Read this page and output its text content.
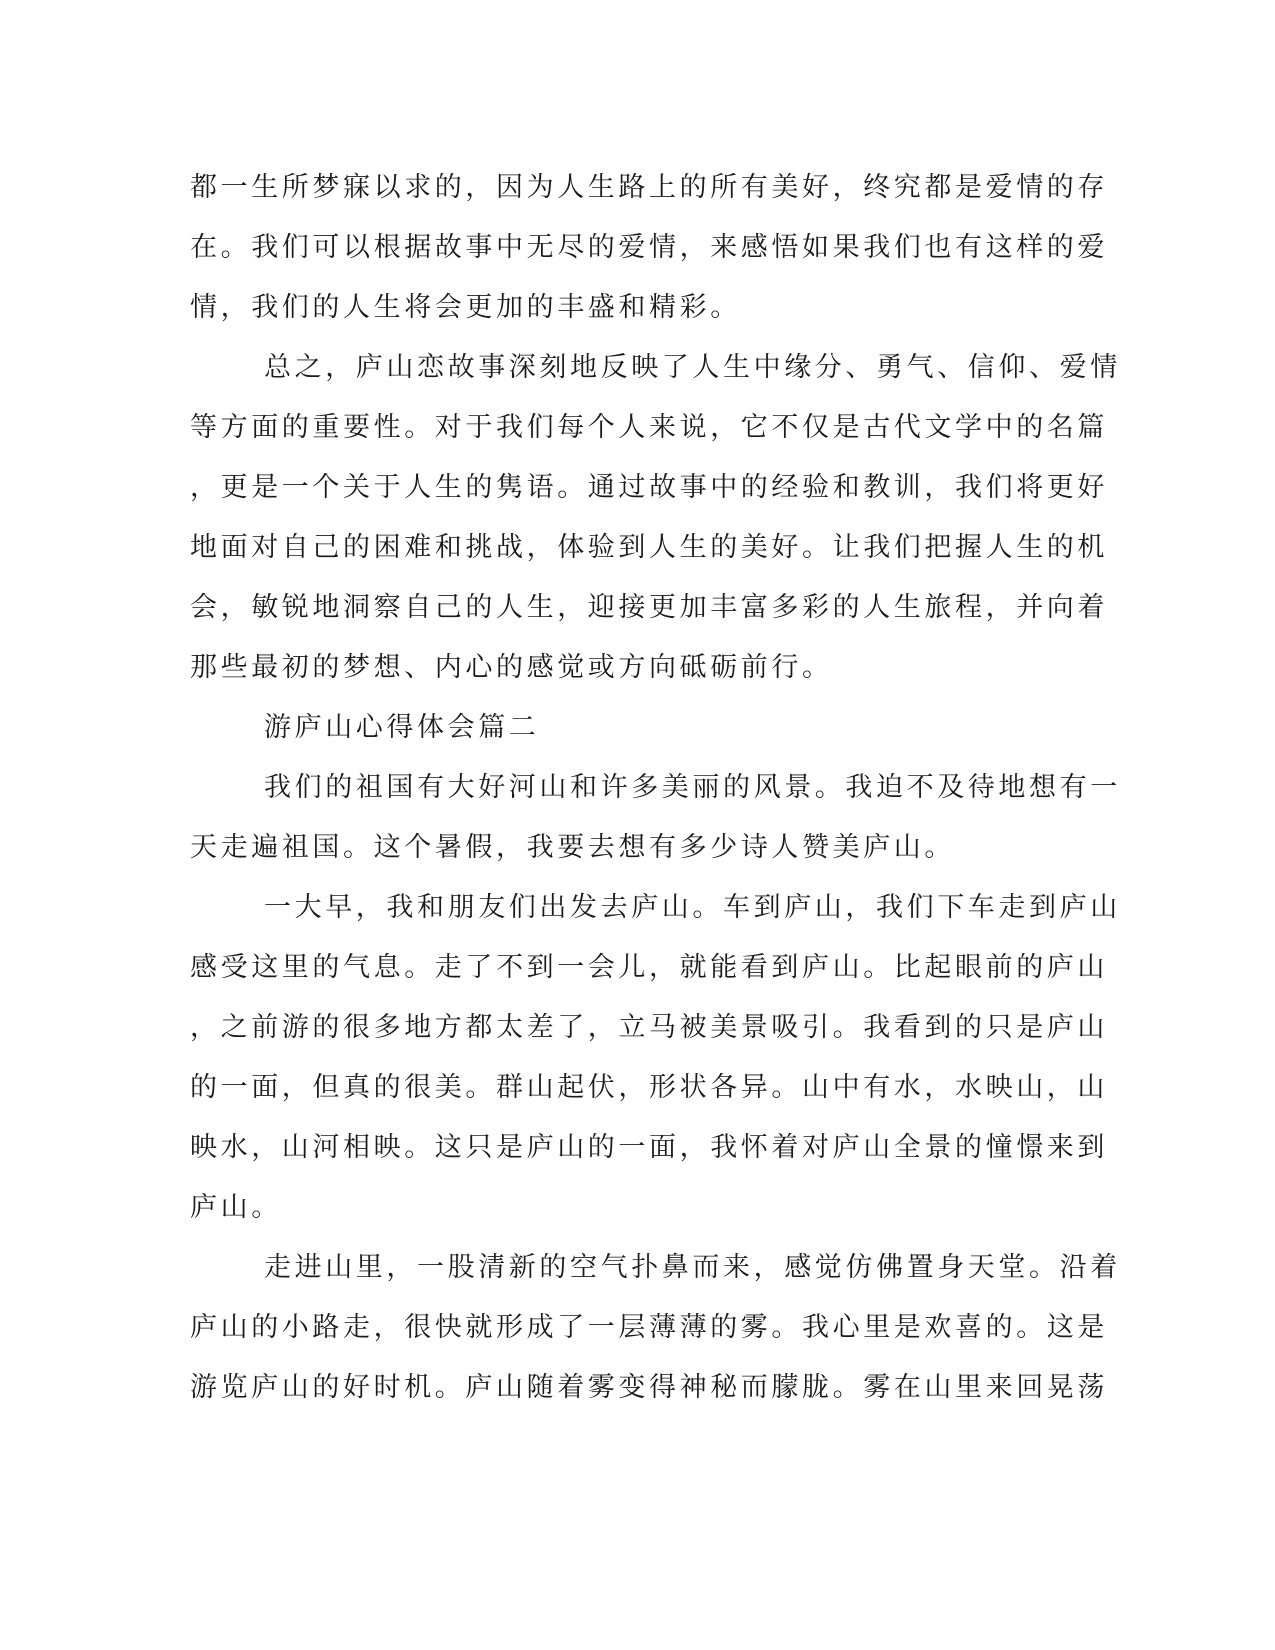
都一生所梦寐以求的，因为人生路上的所有美好，终究都是爱情的存
在。我们可以根据故事中无尽的爱情，来感悟如果我们也有这样的爱
情，我们的人生将会更加的丰盛和精彩。
总之，庐山恋故事深刻地反映了人生中缘分、勇气、信仰、爱情
等方面的重要性。对于我们每个人来说，它不仅是古代文学中的名篇
，更是一个关于人生的隽语。通过故事中的经验和教训，我们将更好
地面对自己的困难和挑战，体验到人生的美好。让我们把握人生的机
会，敏锐地洞察自己的人生，迎接更加丰富多彩的人生旅程，并向着
那些最初的梦想、内心的感觉或方向砥砺前行。
游庐山心得体会篇二
我们的祖国有大好河山和许多美丽的风景。我迫不及待地想有一
天走遍祖国。这个暑假，我要去想有多少诗人赞美庐山。
一大早，我和朋友们出发去庐山。车到庐山，我们下车走到庐山
感受这里的气息。走了不到一会儿，就能看到庐山。比起眼前的庐山
，之前游的很多地方都太差了，立马被美景吸引。我看到的只是庐山
的一面，但真的很美。群山起伏，形状各异。山中有水，水映山，山
映水，山河相映。这只是庐山的一面，我怀着对庐山全景的憧憬来到
庐山。
走进山里，一股清新的空气扑鼻而来，感觉仿佛置身天堂。沿着
庐山的小路走，很快就形成了一层薄薄的雾。我心里是欢喜的。这是
游览庐山的好时机。庐山随着雾变得神秘而朦胧。雾在山里来回晃荡
